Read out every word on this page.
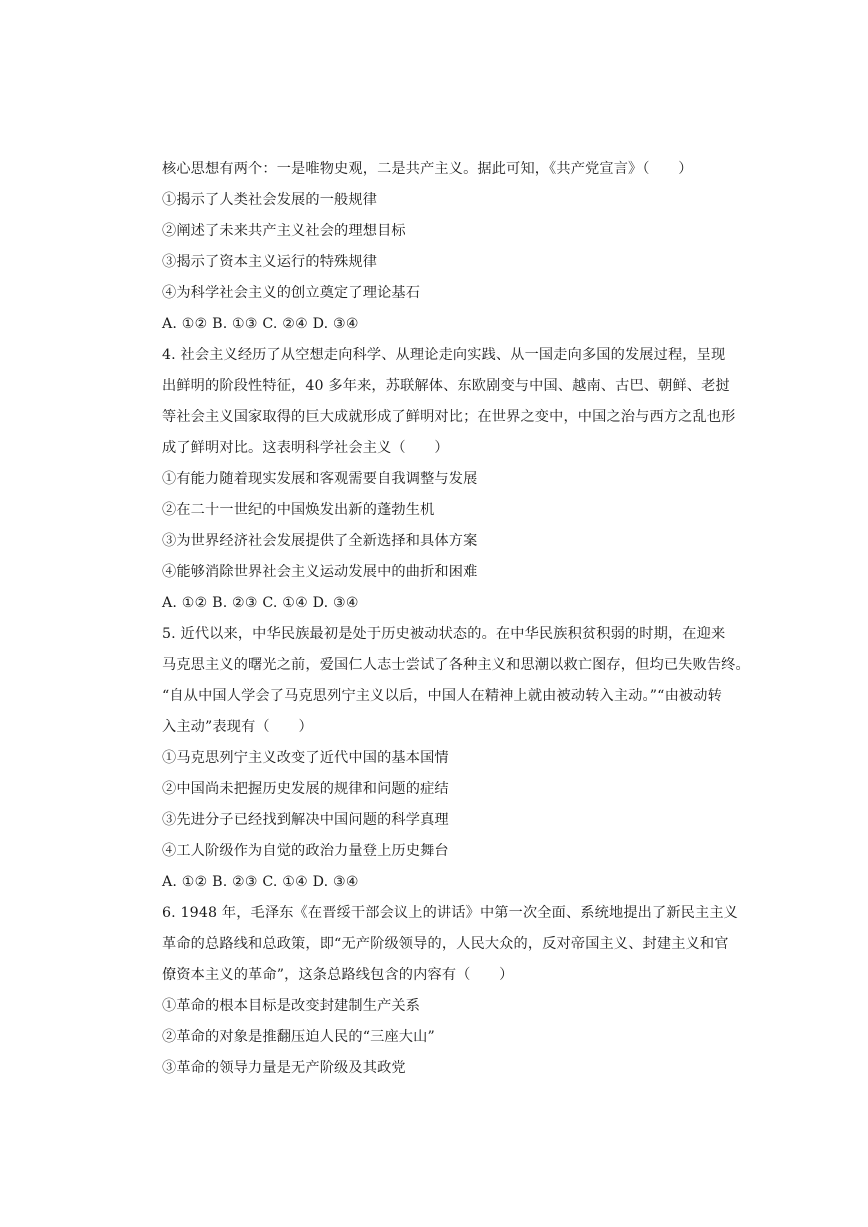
核心思想有两个：一是唯物史观，二是共产主义。据此可知，《共产党宣言》（　　）
①揭示了人类社会发展的一般规律
②阐述了未来共产主义社会的理想目标
③揭示了资本主义运行的特殊规律
④为科学社会主义的创立奠定了理论基石
A. ①② B. ①③ C. ②④ D. ③④
4. 社会主义经历了从空想走向科学、从理论走向实践、从一国走向多国的发展过程，呈现
出鲜明的阶段性特征，40 多年来，苏联解体、东欧剧变与中国、越南、古巴、朝鲜、老挝
等社会主义国家取得的巨大成就形成了鲜明对比；在世界之变中，中国之治与西方之乱也形
成了鲜明对比。这表明科学社会主义（　　）
①有能力随着现实发展和客观需要自我调整与发展
②在二十一世纪的中国焕发出新的蓬勃生机
③为世界经济社会发展提供了全新选择和具体方案
④能够消除世界社会主义运动发展中的曲折和困难
A. ①② B. ②③ C. ①④ D. ③④
5. 近代以来，中华民族最初是处于历史被动状态的。在中华民族积贫积弱的时期，在迎来
马克思主义的曙光之前，爱国仁人志士尝试了各种主义和思潮以救亡图存，但均已失败告终。
“自从中国人学会了马克思列宁主义以后，中国人在精神上就由被动转入主动。”“由被动转
入主动”表现有（　　）
①马克思列宁主义改变了近代中国的基本国情
②中国尚未把握历史发展的规律和问题的症结
③先进分子已经找到解决中国问题的科学真理
④工人阶级作为自觉的政治力量登上历史舞台
A. ①② B. ②③ C. ①④ D. ③④
6. 1948 年，毛泽东《在晋绥干部会议上的讲话》中第一次全面、系统地提出了新民主主义
革命的总路线和总政策，即“无产阶级领导的，人民大众的，反对帝国主义、封建主义和官
僚资本主义的革命”，这条总路线包含的内容有（　　）
①革命的根本目标是改变封建制生产关系
②革命的对象是推翻压迫人民的“三座大山”
③革命的领导力量是无产阶级及其政党
